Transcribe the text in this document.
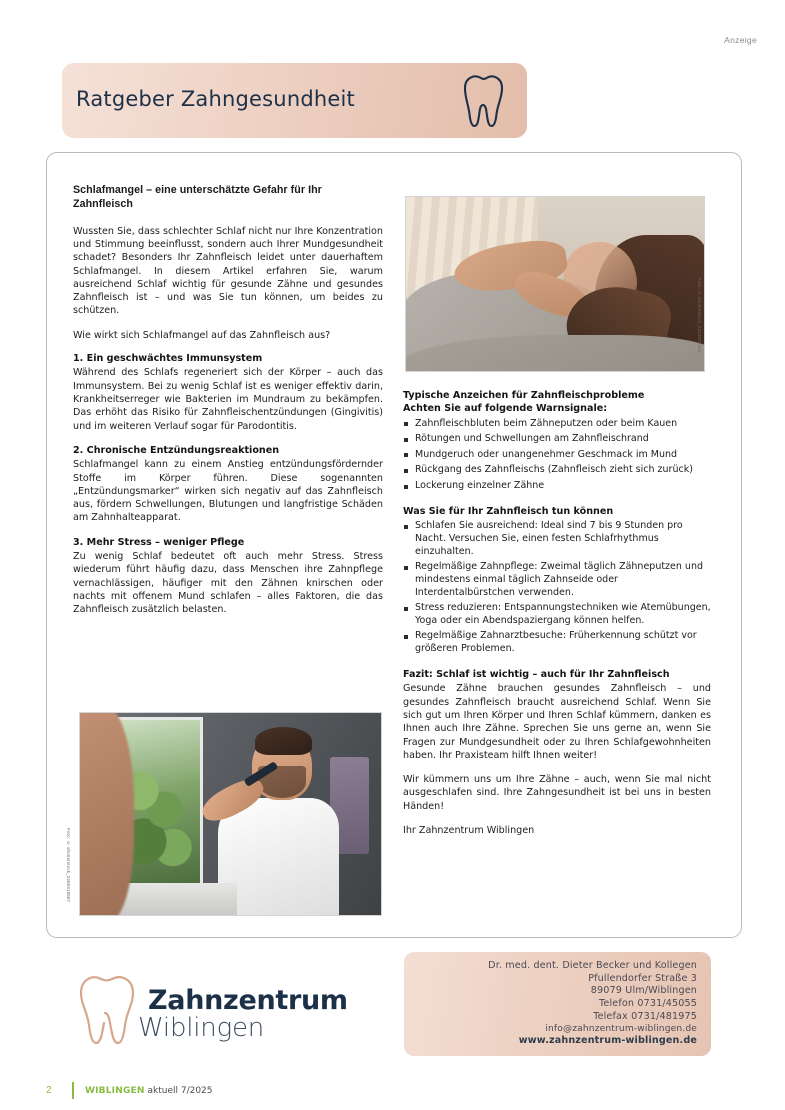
Anzeige
Ratgeber Zahngesundheit
Schlafmangel – eine unterschätzte Gefahr für Ihr Zahnfleisch

Wussten Sie, dass schlechter Schlaf nicht nur Ihre Konzentration und Stimmung beeinflusst, sondern auch Ihrer Mundgesundheit schadet? Besonders Ihr Zahnfleisch leidet unter dauerhaftem Schlafmangel. In diesem Artikel erfahren Sie, warum ausreichend Schlaf wichtig für gesunde Zähne und gesundes Zahnfleisch ist – und was Sie tun können, um beides zu schützen.

Wie wirkt sich Schlafmangel auf das Zahnfleisch aus?

1. Ein geschwächtes Immunsystem

Während des Schlafs regeneriert sich der Körper – auch das Immunsystem. Bei zu wenig Schlaf ist es weniger effektiv darin, Krankheitserreger wie Bakterien im Mundraum zu bekämpfen. Das erhöht das Risiko für Zahnfleischentzündungen (Gingivitis) und im weiteren Verlauf sogar für Parodontitis.

2. Chronische Entzündungsreaktionen

Schlafmangel kann zu einem Anstieg entzündungsfördernder Stoffe im Körper führen. Diese sogenannten „Entzündungsmarker“ wirken sich negativ auf das Zahnfleisch aus, fördern Schwellungen, Blutungen und langfristige Schäden am Zahnhalteapparat.

3. Mehr Stress – weniger Pflege

Zu wenig Schlaf bedeutet oft auch mehr Stress. Stress wiederum führt häufig dazu, dass Menschen ihre Zahnpflege vernachlässigen, häufiger mit den Zähnen knirschen oder nachts mit offenem Mund schlafen – alles Faktoren, die das Zahnfleisch zusätzlich belasten.

Typische Anzeichen für Zahnfleischprobleme
Achten Sie auf folgende Warnsignale:
Zahnfleischbluten beim Zähneputzen oder beim Kauen
Rötungen und Schwellungen am Zahnfleischrand
Mundgeruch oder unangenehmer Geschmack im Mund
Rückgang des Zahnfleischs (Zahnfleisch zieht sich zurück)
Lockerung einzelner Zähne
Was Sie für Ihr Zahnfleisch tun können
Schlafen Sie ausreichend: Ideal sind 7 bis 9 Stunden pro Nacht. Versuchen Sie, einen festen Schlafrhythmus einzuhalten.
Regelmäßige Zahnpflege: Zweimal täglich Zähneputzen und mindestens einmal täglich Zahnseide oder Interdentalbürstchen verwenden.
Stress reduzieren: Entspannungstechniken wie Atemübungen, Yoga oder ein Abendspaziergang können helfen.
Regelmäßige Zahnarztbesuche: Früherkennung schützt vor größeren Problemen.
Fazit: Schlaf ist wichtig – auch für Ihr Zahnfleisch

Gesunde Zähne brauchen gesundes Zahnfleisch – und gesundes Zahnfleisch braucht ausreichend Schlaf. Wenn Sie sich gut um Ihren Körper und Ihren Schlaf kümmern, danken es Ihnen auch Ihre Zähne. Sprechen Sie uns gerne an, wenn Sie Fragen zur Mundgesundheit oder zu Ihren Schlafgewohnheiten haben. Ihr Praxisteam hilft Ihnen weiter!

Wir kümmern uns um Ihre Zähne – auch, wenn Sie mal nicht ausgeschlafen sind. Ihre Zahngesundheit ist bei uns in besten Händen!

Ihr Zahnzentrum Wiblingen

Foto: © shutterstock_2243820342
Foto: © shutterstock_2400418507
Zahnzentrum
Wiblingen
Dr. med. dent. Dieter Becker und Kollegen
Pfullendorfer Straße 3
89079 Ulm/Wiblingen
Telefon 0731/45055
Telefax 0731/481975
info@zahnzentrum-wiblingen.de
www.zahnzentrum-wiblingen.de
2	WIBLINGEN aktuell 7/2025
